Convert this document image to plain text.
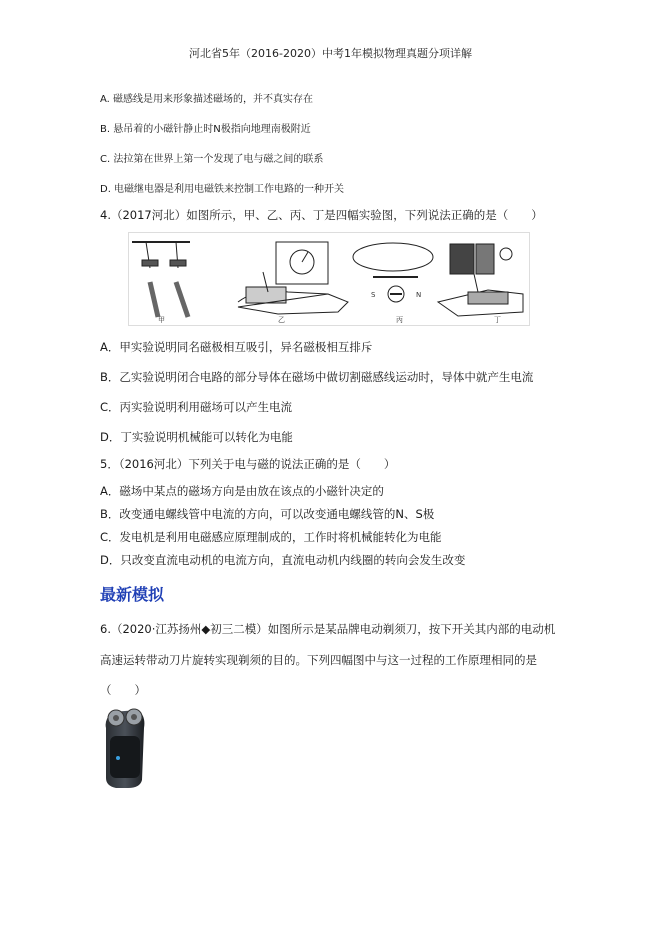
河北省5年（2016-2020）中考1年模拟物理真题分项详解
A. 磁感线是用来形象描述磁场的，并不真实存在
B. 悬吊着的小磁针静止时N极指向地理南极附近
C. 法拉第在世界上第一个发现了电与磁之间的联系
D. 电磁继电器是利用电磁铁来控制工作电路的一种开关
4.（2017河北）如图所示，甲、乙、丙、丁是四幅实验图，下列说法正确的是（　　）
甲	乙
S	N
丙	丁
A．甲实验说明同名磁极相互吸引，异名磁极相互排斥
B．乙实验说明闭合电路的部分导体在磁场中做切割磁感线运动时，导体中就产生电流
C．丙实验说明利用磁场可以产生电流
D．丁实验说明机械能可以转化为电能
5．（2016河北）下列关于电与磁的说法正确的是（　　）
A．磁场中某点的磁场方向是由放在该点的小磁针决定的
B．改变通电螺线管中电流的方向，可以改变通电螺线管的N、S极
C．发电机是利用电磁感应原理制成的，工作时将机械能转化为电能
D．只改变直流电动机的电流方向，直流电动机内线圈的转向会发生改变
最新模拟
6.（2020·江苏扬州◆初三二模）如图所示是某品牌电动剃须刀，按下开关其内部的电动机
高速运转带动刀片旋转实现剃须的目的。下列四幅图中与这一过程的工作原理相同的是
（　　）
